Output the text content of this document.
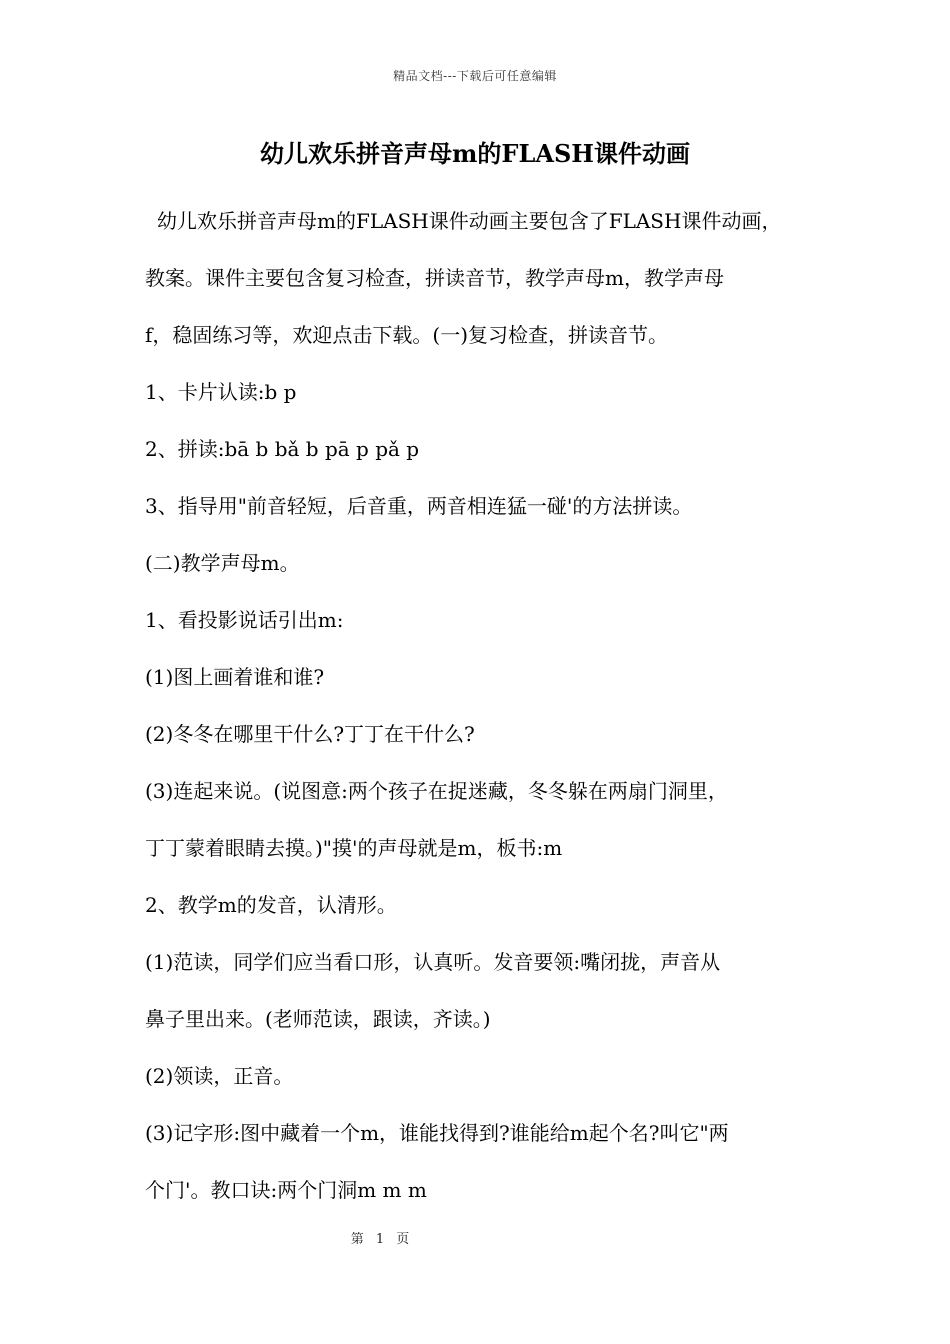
精品文档---下载后可任意编辑
幼儿欢乐拼音声母m的FLASH课件动画
幼儿欢乐拼音声母m的FLASH课件动画主要包含了FLASH课件动画，
教案。课件主要包含复习检查，拼读音节，教学声母m，教学声母
f，稳固练习等，欢迎点击下载。(一)复习检查，拼读音节。
1、卡片认读:b p
2、拼读:bā b bǎ b pā p pǎ p
3、指导用"前音轻短，后音重，两音相连猛一碰'的方法拼读。
(二)教学声母m。
1、看投影说话引出m:
(1)图上画着谁和谁?
(2)冬冬在哪里干什么?丁丁在干什么?
(3)连起来说。(说图意:两个孩子在捉迷藏，冬冬躲在两扇门洞里，
丁丁蒙着眼睛去摸。)"摸'的声母就是m，板书:m
2、教学m的发音，认清形。
(1)范读，同学们应当看口形，认真听。发音要领:嘴闭拢，声音从
鼻子里出来。(老师范读，跟读，齐读。)
(2)领读，正音。
(3)记字形:图中藏着一个m，谁能找得到?谁能给m起个名?叫它"两
个门'。教口诀:两个门洞m m m
第 1 页
